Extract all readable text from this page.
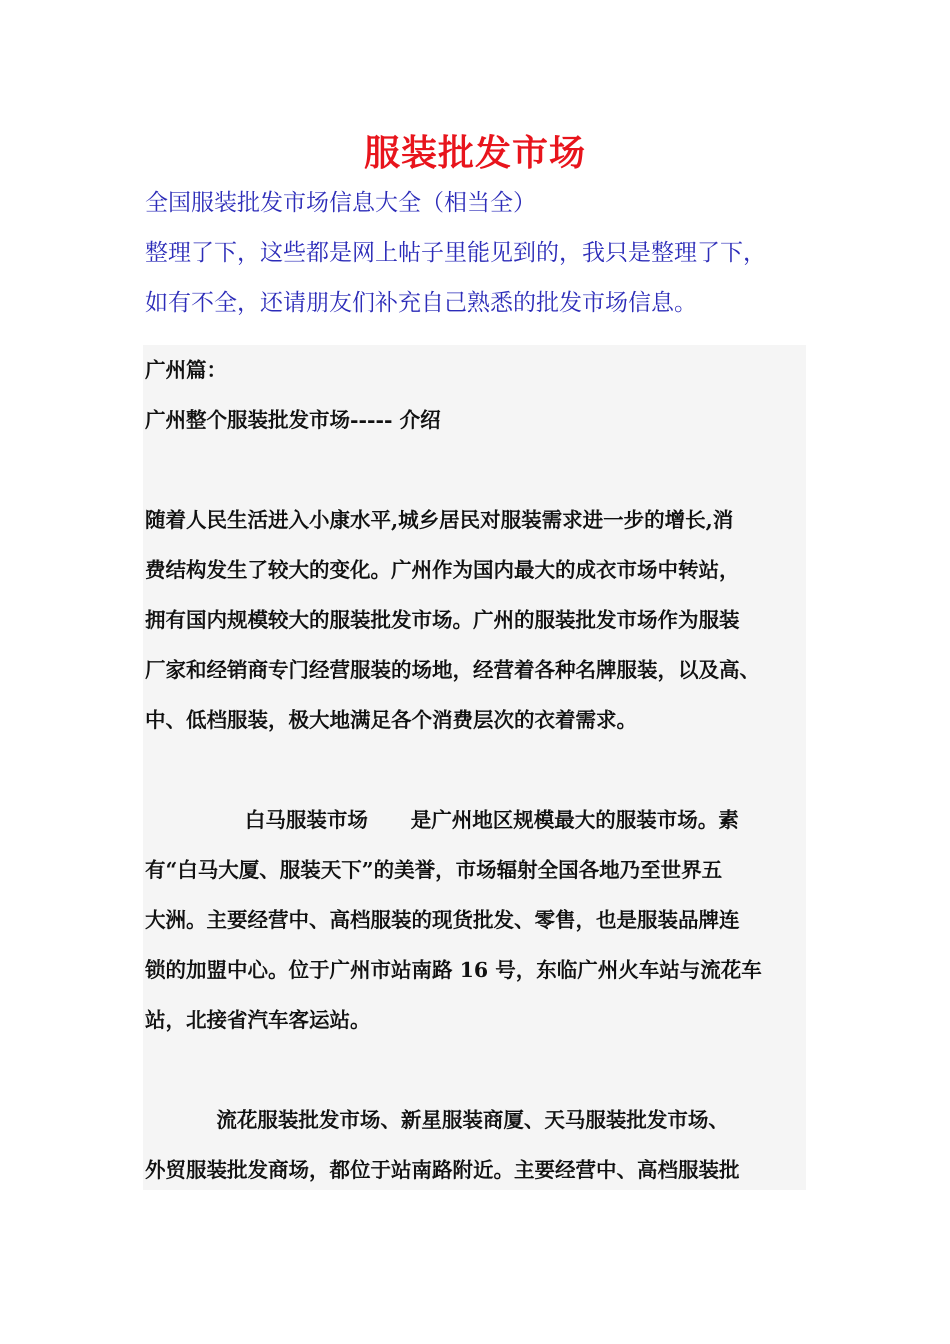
服装批发市场
全国服装批发市场信息大全（相当全）
整理了下，这些都是网上帖子里能见到的，我只是整理了下，
如有不全，还请朋友们补充自己熟悉的批发市场信息。

广州篇：

广州整个服装批发市场----- 介绍

随着人民生活进入小康水平,城乡居民对服装需求进一步的增长,消

费结构发生了较大的变化。广州作为国内最大的成衣市场中转站，

拥有国内规模较大的服装批发市场。广州的服装批发市场作为服装

厂家和经销商专门经营服装的场地，经营着各种名牌服装，以及高、

中、低档服装，极大地满足各个消费层次的衣着需求。

白马服装市场      是广州地区规模最大的服装市场。素

有“白马大厦、服装天下”的美誉，市场辐射全国各地乃至世界五

大洲。主要经营中、高档服装的现货批发、零售，也是服装品牌连

锁的加盟中心。位于广州市站南路 16 号，东临广州火车站与流花车

站，北接省汽车客运站。

流花服装批发市场、新星服装商厦、天马服装批发市场、

外贸服装批发商场，都位于站南路附近。主要经营中、高档服装批
